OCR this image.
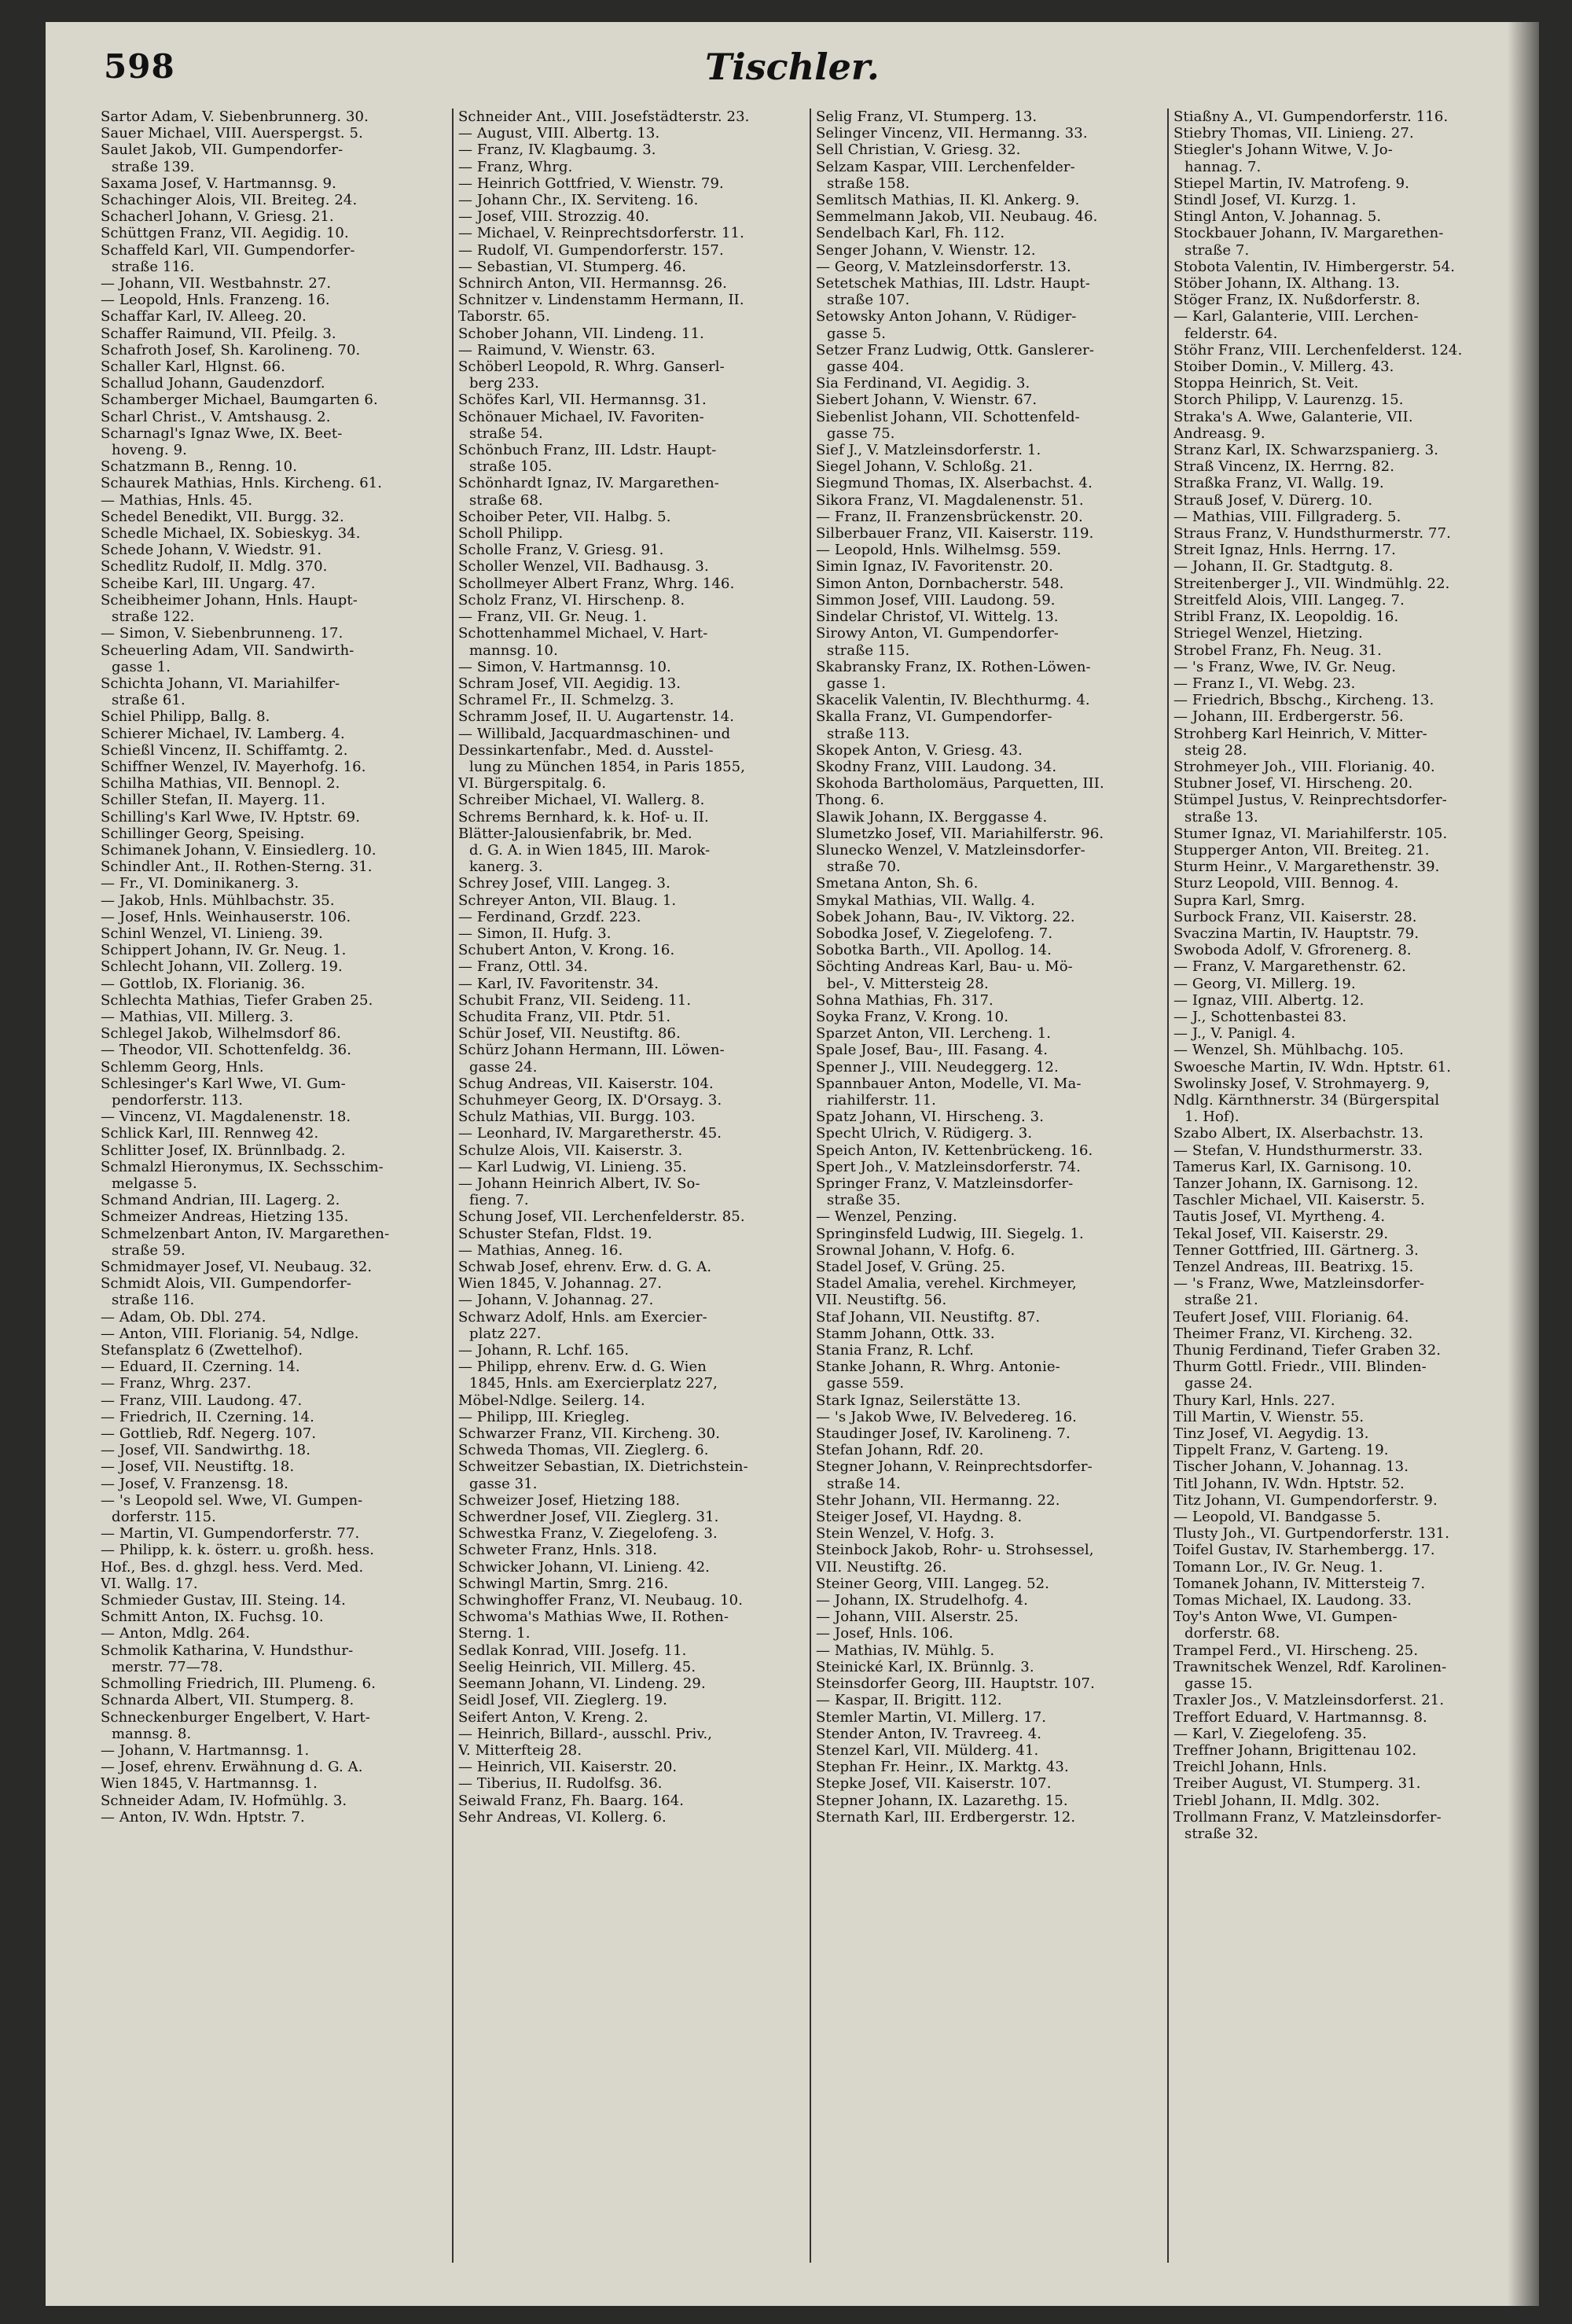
598	Tischler.
Sartor Adam, V. Siebenbrunnerg. 30.
Sauer Michael, VIII. Auerspergst. 5.
Saulet Jakob, VII. Gumpendorfer-
straße 139.
Saxama Josef, V. Hartmannsg. 9.
Schachinger Alois, VII. Breiteg. 24.
Schacherl Johann, V. Griesg. 21.
Schüttgen Franz, VII. Aegidig. 10.
Schaffeld Karl, VII. Gumpendorfer-
straße 116.
— Johann, VII. Westbahnstr. 27.
— Leopold, Hnls. Franzeng. 16.
Schaffar Karl, IV. Alleeg. 20.
Schaffer Raimund, VII. Pfeilg. 3.
Schafroth Josef, Sh. Karolineng. 70.
Schaller Karl, Hlgnst. 66.
Schallud Johann, Gaudenzdorf.
Schamberger Michael, Baumgarten 6.
Scharl Christ., V. Amtshausg. 2.
Scharnagl's Ignaz Wwe, IX. Beet-
hoveng. 9.
Schatzmann B., Renng. 10.
Schaurek Mathias, Hnls. Kircheng. 61.
— Mathias, Hnls. 45.
Schedel Benedikt, VII. Burgg. 32.
Schedle Michael, IX. Sobieskyg. 34.
Schede Johann, V. Wiedstr. 91.
Schedlitz Rudolf, II. Mdlg. 370.
Scheibe Karl, III. Ungarg. 47.
Scheibheimer Johann, Hnls. Haupt-
straße 122.
— Simon, V. Siebenbrunneng. 17.
Scheuerling Adam, VII. Sandwirth-
gasse 1.
Schichta Johann, VI. Mariahilfer-
straße 61.
Schiel Philipp, Ballg. 8.
Schierer Michael, IV. Lamberg. 4.
Schießl Vincenz, II. Schiffamtg. 2.
Schiffner Wenzel, IV. Mayerhofg. 16.
Schilha Mathias, VII. Bennopl. 2.
Schiller Stefan, II. Mayerg. 11.
Schilling's Karl Wwe, IV. Hptstr. 69.
Schillinger Georg, Speising.
Schimanek Johann, V. Einsiedlerg. 10.
Schindler Ant., II. Rothen-Sterng. 31.
— Fr., VI. Dominikanerg. 3.
— Jakob, Hnls. Mühlbachstr. 35.
— Josef, Hnls. Weinhauserstr. 106.
Schinl Wenzel, VI. Linieng. 39.
Schippert Johann, IV. Gr. Neug. 1.
Schlecht Johann, VII. Zollerg. 19.
— Gottlob, IX. Florianig. 36.
Schlechta Mathias, Tiefer Graben 25.
— Mathias, VII. Millerg. 3.
Schlegel Jakob, Wilhelmsdorf 86.
— Theodor, VII. Schottenfeldg. 36.
Schlemm Georg, Hnls.
Schlesinger's Karl Wwe, VI. Gum-
pendorferstr. 113.
— Vincenz, VI. Magdalenenstr. 18.
Schlick Karl, III. Rennweg 42.
Schlitter Josef, IX. Brünnlbadg. 2.
Schmalzl Hieronymus, IX. Sechsschim-
melgasse 5.
Schmand Andrian, III. Lagerg. 2.
Schmeizer Andreas, Hietzing 135.
Schmelzenbart Anton, IV. Margarethen-
straße 59.
Schmidmayer Josef, VI. Neubaug. 32.
Schmidt Alois, VII. Gumpendorfer-
straße 116.
— Adam, Ob. Dbl. 274.
— Anton, VIII. Florianig. 54, Ndlge.
Stefansplatz 6 (Zwettelhof).
— Eduard, II. Czerning. 14.
— Franz, Whrg. 237.
— Franz, VIII. Laudong. 47.
— Friedrich, II. Czerning. 14.
— Gottlieb, Rdf. Negerg. 107.
— Josef, VII. Sandwirthg. 18.
— Josef, VII. Neustiftg. 18.
— Josef, V. Franzensg. 18.
— 's Leopold sel. Wwe, VI. Gumpen-
dorferstr. 115.
— Martin, VI. Gumpendorferstr. 77.
— Philipp, k. k. österr. u. großh. hess.
Hof., Bes. d. ghzgl. hess. Verd. Med.
VI. Wallg. 17.
Schmieder Gustav, III. Steing. 14.
Schmitt Anton, IX. Fuchsg. 10.
— Anton, Mdlg. 264.
Schmolik Katharina, V. Hundsthur-
merstr. 77—78.
Schmolling Friedrich, III. Plumeng. 6.
Schnarda Albert, VII. Stumperg. 8.
Schneckenburger Engelbert, V. Hart-
mannsg. 8.
— Johann, V. Hartmannsg. 1.
— Josef, ehrenv. Erwähnung d. G. A.
Wien 1845, V. Hartmannsg. 1.
Schneider Adam, IV. Hofmühlg. 3.
— Anton, IV. Wdn. Hptstr. 7.
Schneider Ant., VIII. Josefstädterstr. 23.
— August, VIII. Albertg. 13.
— Franz, IV. Klagbaumg. 3.
— Franz, Whrg.
— Heinrich Gottfried, V. Wienstr. 79.
— Johann Chr., IX. Serviteng. 16.
— Josef, VIII. Strozzig. 40.
— Michael, V. Reinprechtsdorferstr. 11.
— Rudolf, VI. Gumpendorferstr. 157.
— Sebastian, VI. Stumperg. 46.
Schnirch Anton, VII. Hermannsg. 26.
Schnitzer v. Lindenstamm Hermann, II.
Taborstr. 65.
Schober Johann, VII. Lindeng. 11.
— Raimund, V. Wienstr. 63.
Schöberl Leopold, R. Whrg. Ganserl-
berg 233.
Schöfes Karl, VII. Hermannsg. 31.
Schönauer Michael, IV. Favoriten-
straße 54.
Schönbuch Franz, III. Ldstr. Haupt-
straße 105.
Schönhardt Ignaz, IV. Margarethen-
straße 68.
Schoiber Peter, VII. Halbg. 5.
Scholl Philipp.
Scholle Franz, V. Griesg. 91.
Scholler Wenzel, VII. Badhausg. 3.
Schollmeyer Albert Franz, Whrg. 146.
Scholz Franz, VI. Hirschenp. 8.
— Franz, VII. Gr. Neug. 1.
Schottenhammel Michael, V. Hart-
mannsg. 10.
— Simon, V. Hartmannsg. 10.
Schram Josef, VII. Aegidig. 13.
Schramel Fr., II. Schmelzg. 3.
Schramm Josef, II. U. Augartenstr. 14.
— Willibald, Jacquardmaschinen- und
Dessinkartenfabr., Med. d. Ausstel-
lung zu München 1854, in Paris 1855,
VI. Bürgerspitalg. 6.
Schreiber Michael, VI. Wallerg. 8.
Schrems Bernhard, k. k. Hof- u. II.
Blätter-Jalousienfabrik, br. Med.
d. G. A. in Wien 1845, III. Marok-
kanerg. 3.
Schrey Josef, VIII. Langeg. 3.
Schreyer Anton, VII. Blaug. 1.
— Ferdinand, Grzdf. 223.
— Simon, II. Hufg. 3.
Schubert Anton, V. Krong. 16.
— Franz, Ottl. 34.
— Karl, IV. Favoritenstr. 34.
Schubit Franz, VII. Seideng. 11.
Schudita Franz, VII. Ptdr. 51.
Schür Josef, VII. Neustiftg. 86.
Schürz Johann Hermann, III. Löwen-
gasse 24.
Schug Andreas, VII. Kaiserstr. 104.
Schuhmeyer Georg, IX. D'Orsayg. 3.
Schulz Mathias, VII. Burgg. 103.
— Leonhard, IV. Margaretherstr. 45.
Schulze Alois, VII. Kaiserstr. 3.
— Karl Ludwig, VI. Linieng. 35.
— Johann Heinrich Albert, IV. So-
fieng. 7.
Schung Josef, VII. Lerchenfelderstr. 85.
Schuster Stefan, Fldst. 19.
— Mathias, Anneg. 16.
Schwab Josef, ehrenv. Erw. d. G. A.
Wien 1845, V. Johannag. 27.
— Johann, V. Johannag. 27.
Schwarz Adolf, Hnls. am Exercier-
platz 227.
— Johann, R. Lchf. 165.
— Philipp, ehrenv. Erw. d. G. Wien
1845, Hnls. am Exercierplatz 227,
Möbel-Ndlge. Seilerg. 14.
— Philipp, III. Kriegleg.
Schwarzer Franz, VII. Kircheng. 30.
Schweda Thomas, VII. Zieglerg. 6.
Schweitzer Sebastian, IX. Dietrichstein-
gasse 31.
Schweizer Josef, Hietzing 188.
Schwerdner Josef, VII. Zieglerg. 31.
Schwestka Franz, V. Ziegelofeng. 3.
Schweter Franz, Hnls. 318.
Schwicker Johann, VI. Linieng. 42.
Schwingl Martin, Smrg. 216.
Schwinghoffer Franz, VI. Neubaug. 10.
Schwoma's Mathias Wwe, II. Rothen-
Sterng. 1.
Sedlak Konrad, VIII. Josefg. 11.
Seelig Heinrich, VII. Millerg. 45.
Seemann Johann, VI. Lindeng. 29.
Seidl Josef, VII. Zieglerg. 19.
Seifert Anton, V. Kreng. 2.
— Heinrich, Billard-, ausschl. Priv.,
V. Mitterfteig 28.
— Heinrich, VII. Kaiserstr. 20.
— Tiberius, II. Rudolfsg. 36.
Seiwald Franz, Fh. Baarg. 164.
Sehr Andreas, VI. Kollerg. 6.
Selig Franz, VI. Stumperg. 13.
Selinger Vincenz, VII. Hermanng. 33.
Sell Christian, V. Griesg. 32.
Selzam Kaspar, VIII. Lerchenfelder-
straße 158.
Semlitsch Mathias, II. Kl. Ankerg. 9.
Semmelmann Jakob, VII. Neubaug. 46.
Sendelbach Karl, Fh. 112.
Senger Johann, V. Wienstr. 12.
— Georg, V. Matzleinsdorferstr. 13.
Setetschek Mathias, III. Ldstr. Haupt-
straße 107.
Setowsky Anton Johann, V. Rüdiger-
gasse 5.
Setzer Franz Ludwig, Ottk. Ganslerer-
gasse 404.
Sia Ferdinand, VI. Aegidig. 3.
Siebert Johann, V. Wienstr. 67.
Siebenlist Johann, VII. Schottenfeld-
gasse 75.
Sief J., V. Matzleinsdorferstr. 1.
Siegel Johann, V. Schloßg. 21.
Siegmund Thomas, IX. Alserbachst. 4.
Sikora Franz, VI. Magdalenenstr. 51.
— Franz, II. Franzensbrückenstr. 20.
Silberbauer Franz, VII. Kaiserstr. 119.
— Leopold, Hnls. Wilhelmsg. 559.
Simin Ignaz, IV. Favoritenstr. 20.
Simon Anton, Dornbacherstr. 548.
Simmon Josef, VIII. Laudong. 59.
Sindelar Christof, VI. Wittelg. 13.
Sirowy Anton, VI. Gumpendorfer-
straße 115.
Skabransky Franz, IX. Rothen-Löwen-
gasse 1.
Skacelik Valentin, IV. Blechthurmg. 4.
Skalla Franz, VI. Gumpendorfer-
straße 113.
Skopek Anton, V. Griesg. 43.
Skodny Franz, VIII. Laudong. 34.
Skohoda Bartholomäus, Parquetten, III.
Thong. 6.
Slawik Johann, IX. Berggasse 4.
Slumetzko Josef, VII. Mariahilferstr. 96.
Slunecko Wenzel, V. Matzleinsdorfer-
straße 70.
Smetana Anton, Sh. 6.
Smykal Mathias, VII. Wallg. 4.
Sobek Johann, Bau-, IV. Viktorg. 22.
Sobodka Josef, V. Ziegelofeng. 7.
Sobotka Barth., VII. Apollog. 14.
Söchting Andreas Karl, Bau- u. Mö-
bel-, V. Mittersteig 28.
Sohna Mathias, Fh. 317.
Soyka Franz, V. Krong. 10.
Sparzet Anton, VII. Lercheng. 1.
Spale Josef, Bau-, III. Fasang. 4.
Spenner J., VIII. Neudeggerg. 12.
Spannbauer Anton, Modelle, VI. Ma-
riahilferstr. 11.
Spatz Johann, VI. Hirscheng. 3.
Specht Ulrich, V. Rüdigerg. 3.
Speich Anton, IV. Kettenbrückeng. 16.
Spert Joh., V. Matzleinsdorferstr. 74.
Springer Franz, V. Matzleinsdorfer-
straße 35.
— Wenzel, Penzing.
Springinsfeld Ludwig, III. Siegelg. 1.
Srownal Johann, V. Hofg. 6.
Stadel Josef, V. Grüng. 25.
Stadel Amalia, verehel. Kirchmeyer,
VII. Neustiftg. 56.
Staf Johann, VII. Neustiftg. 87.
Stamm Johann, Ottk. 33.
Stania Franz, R. Lchf.
Stanke Johann, R. Whrg. Antonie-
gasse 559.
Stark Ignaz, Seilerstätte 13.
— 's Jakob Wwe, IV. Belvedereg. 16.
Staudinger Josef, IV. Karolineng. 7.
Stefan Johann, Rdf. 20.
Stegner Johann, V. Reinprechtsdorfer-
straße 14.
Stehr Johann, VII. Hermanng. 22.
Steiger Josef, VI. Haydng. 8.
Stein Wenzel, V. Hofg. 3.
Steinbock Jakob, Rohr- u. Strohsessel,
VII. Neustiftg. 26.
Steiner Georg, VIII. Langeg. 52.
— Johann, IX. Strudelhofg. 4.
— Johann, VIII. Alserstr. 25.
— Josef, Hnls. 106.
— Mathias, IV. Mühlg. 5.
Steinické Karl, IX. Brünnlg. 3.
Steinsdorfer Georg, III. Hauptstr. 107.
— Kaspar, II. Brigitt. 112.
Stemler Martin, VI. Millerg. 17.
Stender Anton, IV. Travreeg. 4.
Stenzel Karl, VII. Mülderg. 41.
Stephan Fr. Heinr., IX. Marktg. 43.
Stepke Josef, VII. Kaiserstr. 107.
Stepner Johann, IX. Lazarethg. 15.
Sternath Karl, III. Erdbergerstr. 12.
Stiaßny A., VI. Gumpendorferstr. 116.
Stiebry Thomas, VII. Linieng. 27.
Stiegler's Johann Witwe, V. Jo-
hannag. 7.
Stiepel Martin, IV. Matrofeng. 9.
Stindl Josef, VI. Kurzg. 1.
Stingl Anton, V. Johannag. 5.
Stockbauer Johann, IV. Margarethen-
straße 7.
Stobota Valentin, IV. Himbergerstr. 54.
Stöber Johann, IX. Althang. 13.
Stöger Franz, IX. Nußdorferstr. 8.
— Karl, Galanterie, VIII. Lerchen-
felderstr. 64.
Stöhr Franz, VIII. Lerchenfelderst. 124.
Stoiber Domin., V. Millerg. 43.
Stoppa Heinrich, St. Veit.
Storch Philipp, V. Laurenzg. 15.
Straka's A. Wwe, Galanterie, VII.
Andreasg. 9.
Stranz Karl, IX. Schwarzspanierg. 3.
Straß Vincenz, IX. Herrng. 82.
Straßka Franz, VI. Wallg. 19.
Strauß Josef, V. Dürerg. 10.
— Mathias, VIII. Fillgraderg. 5.
Straus Franz, V. Hundsthurmerstr. 77.
Streit Ignaz, Hnls. Herrng. 17.
— Johann, II. Gr. Stadtgutg. 8.
Streitenberger J., VII. Windmühlg. 22.
Streitfeld Alois, VIII. Langeg. 7.
Stribl Franz, IX. Leopoldig. 16.
Striegel Wenzel, Hietzing.
Strobel Franz, Fh. Neug. 31.
— 's Franz, Wwe, IV. Gr. Neug.
— Franz I., VI. Webg. 23.
— Friedrich, Bbschg., Kircheng. 13.
— Johann, III. Erdbergerstr. 56.
Strohberg Karl Heinrich, V. Mitter-
steig 28.
Strohmeyer Joh., VIII. Florianig. 40.
Stubner Josef, VI. Hirscheng. 20.
Stümpel Justus, V. Reinprechtsdorfer-
straße 13.
Stumer Ignaz, VI. Mariahilferstr. 105.
Stupperger Anton, VII. Breiteg. 21.
Sturm Heinr., V. Margarethenstr. 39.
Sturz Leopold, VIII. Bennog. 4.
Supra Karl, Smrg.
Surbock Franz, VII. Kaiserstr. 28.
Svaczina Martin, IV. Hauptstr. 79.
Swoboda Adolf, V. Gfrorenerg. 8.
— Franz, V. Margarethenstr. 62.
— Georg, VI. Millerg. 19.
— Ignaz, VIII. Albertg. 12.
— J., Schottenbastei 83.
— J., V. Panigl. 4.
— Wenzel, Sh. Mühlbachg. 105.
Swoesche Martin, IV. Wdn. Hptstr. 61.
Swolinsky Josef, V. Strohmayerg. 9,
Ndlg. Kärnthnerstr. 34 (Bürgerspital
1. Hof).
Szabo Albert, IX. Alserbachstr. 13.
— Stefan, V. Hundsthurmerstr. 33.
Tamerus Karl, IX. Garnisong. 10.
Tanzer Johann, IX. Garnisong. 12.
Taschler Michael, VII. Kaiserstr. 5.
Tautis Josef, VI. Myrtheng. 4.
Tekal Josef, VII. Kaiserstr. 29.
Tenner Gottfried, III. Gärtnerg. 3.
Tenzel Andreas, III. Beatrixg. 15.
— 's Franz, Wwe, Matzleinsdorfer-
straße 21.
Teufert Josef, VIII. Florianig. 64.
Theimer Franz, VI. Kircheng. 32.
Thunig Ferdinand, Tiefer Graben 32.
Thurm Gottl. Friedr., VIII. Blinden-
gasse 24.
Thury Karl, Hnls. 227.
Till Martin, V. Wienstr. 55.
Tinz Josef, VI. Aegydig. 13.
Tippelt Franz, V. Garteng. 19.
Tischer Johann, V. Johannag. 13.
Titl Johann, IV. Wdn. Hptstr. 52.
Titz Johann, VI. Gumpendorferstr. 9.
— Leopold, VI. Bandgasse 5.
Tlusty Joh., VI. Gurtpendorferstr. 131.
Toifel Gustav, IV. Starhembergg. 17.
Tomann Lor., IV. Gr. Neug. 1.
Tomanek Johann, IV. Mittersteig 7.
Tomas Michael, IX. Laudong. 33.
Toy's Anton Wwe, VI. Gumpen-
dorferstr. 68.
Trampel Ferd., VI. Hirscheng. 25.
Trawnitschek Wenzel, Rdf. Karolinen-
gasse 15.
Traxler Jos., V. Matzleinsdorferst. 21.
Treffort Eduard, V. Hartmannsg. 8.
— Karl, V. Ziegelofeng. 35.
Treffner Johann, Brigittenau 102.
Treichl Johann, Hnls.
Treiber August, VI. Stumperg. 31.
Triebl Johann, II. Mdlg. 302.
Trollmann Franz, V. Matzleinsdorfer-
straße 32.
